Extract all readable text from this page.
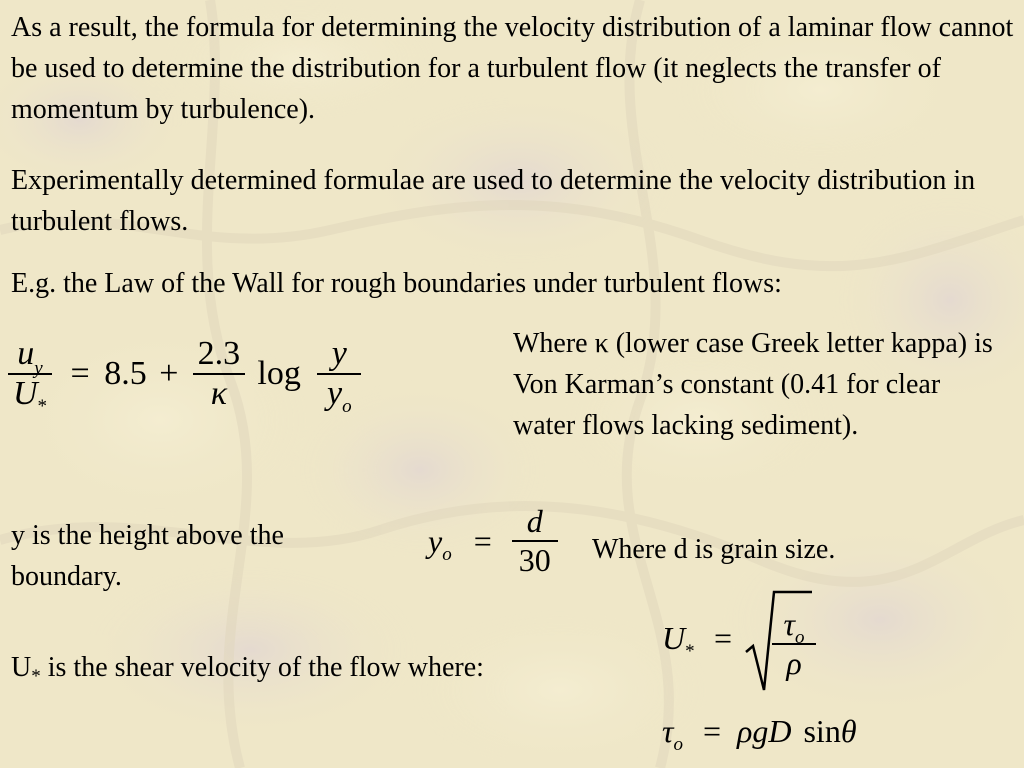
As a result, the formula for determining the velocity distribution of a laminar flow cannot be used to determine the distribution for a turbulent flow (it neglects the transfer of momentum by turbulence).

Experimentally determined formulae are used to determine the velocity distribution in turbulent flows.

E.g. the Law of the Wall for rough boundaries under turbulent flows:

$\frac{u_y}{U_*} = 8.5 + \frac{2.3}{\kappa}$ $\log \frac{y}{y_o}$	Where κ (lower case Greek letter kappa) is Von Karman’s constant (0.41 for clear water flows lacking sediment).

y is the height above the boundary.

$y_o = \frac{d}{30}$ Where d is grain size.

$U_*$ is the shear velocity of the flow where:

$U_*$ =	$\tau_o$
ρ
$\tau_o = \rho gD$ sinθ
